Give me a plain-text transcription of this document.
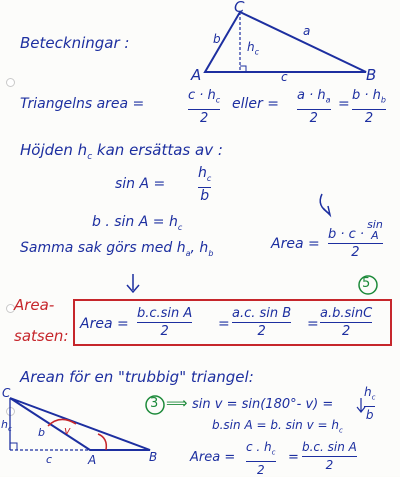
Beteckningar :
C
A	B
b
a
c
$h_c$
Triangelns area =
$c \cdot h_c$
2
eller =
$a \cdot h_a$
2
=
$b \cdot h_b$
2
Höjden $h_c$ kan ersättas av :
sin A =
$h_c$
b
b . $\sin A = h_c$
Samma sak görs med $h_a$, $h_b$
Area =
b · c ·
sin
A
2
5
Area-
satsen:
Area =
b.c.sin A
2	=
a.c. sin B
2	=
a.b.sinC
2
Arean för en "trubbig" triangel:
3 ⟹ sin v = sin(180°- v) =
$h_c$
b
b.sin A = b. $\sin v = h_c$
Area =
c . $h_c$
2
=
b.c. sin A
2
C
$h_c$ b v
A
c	B
